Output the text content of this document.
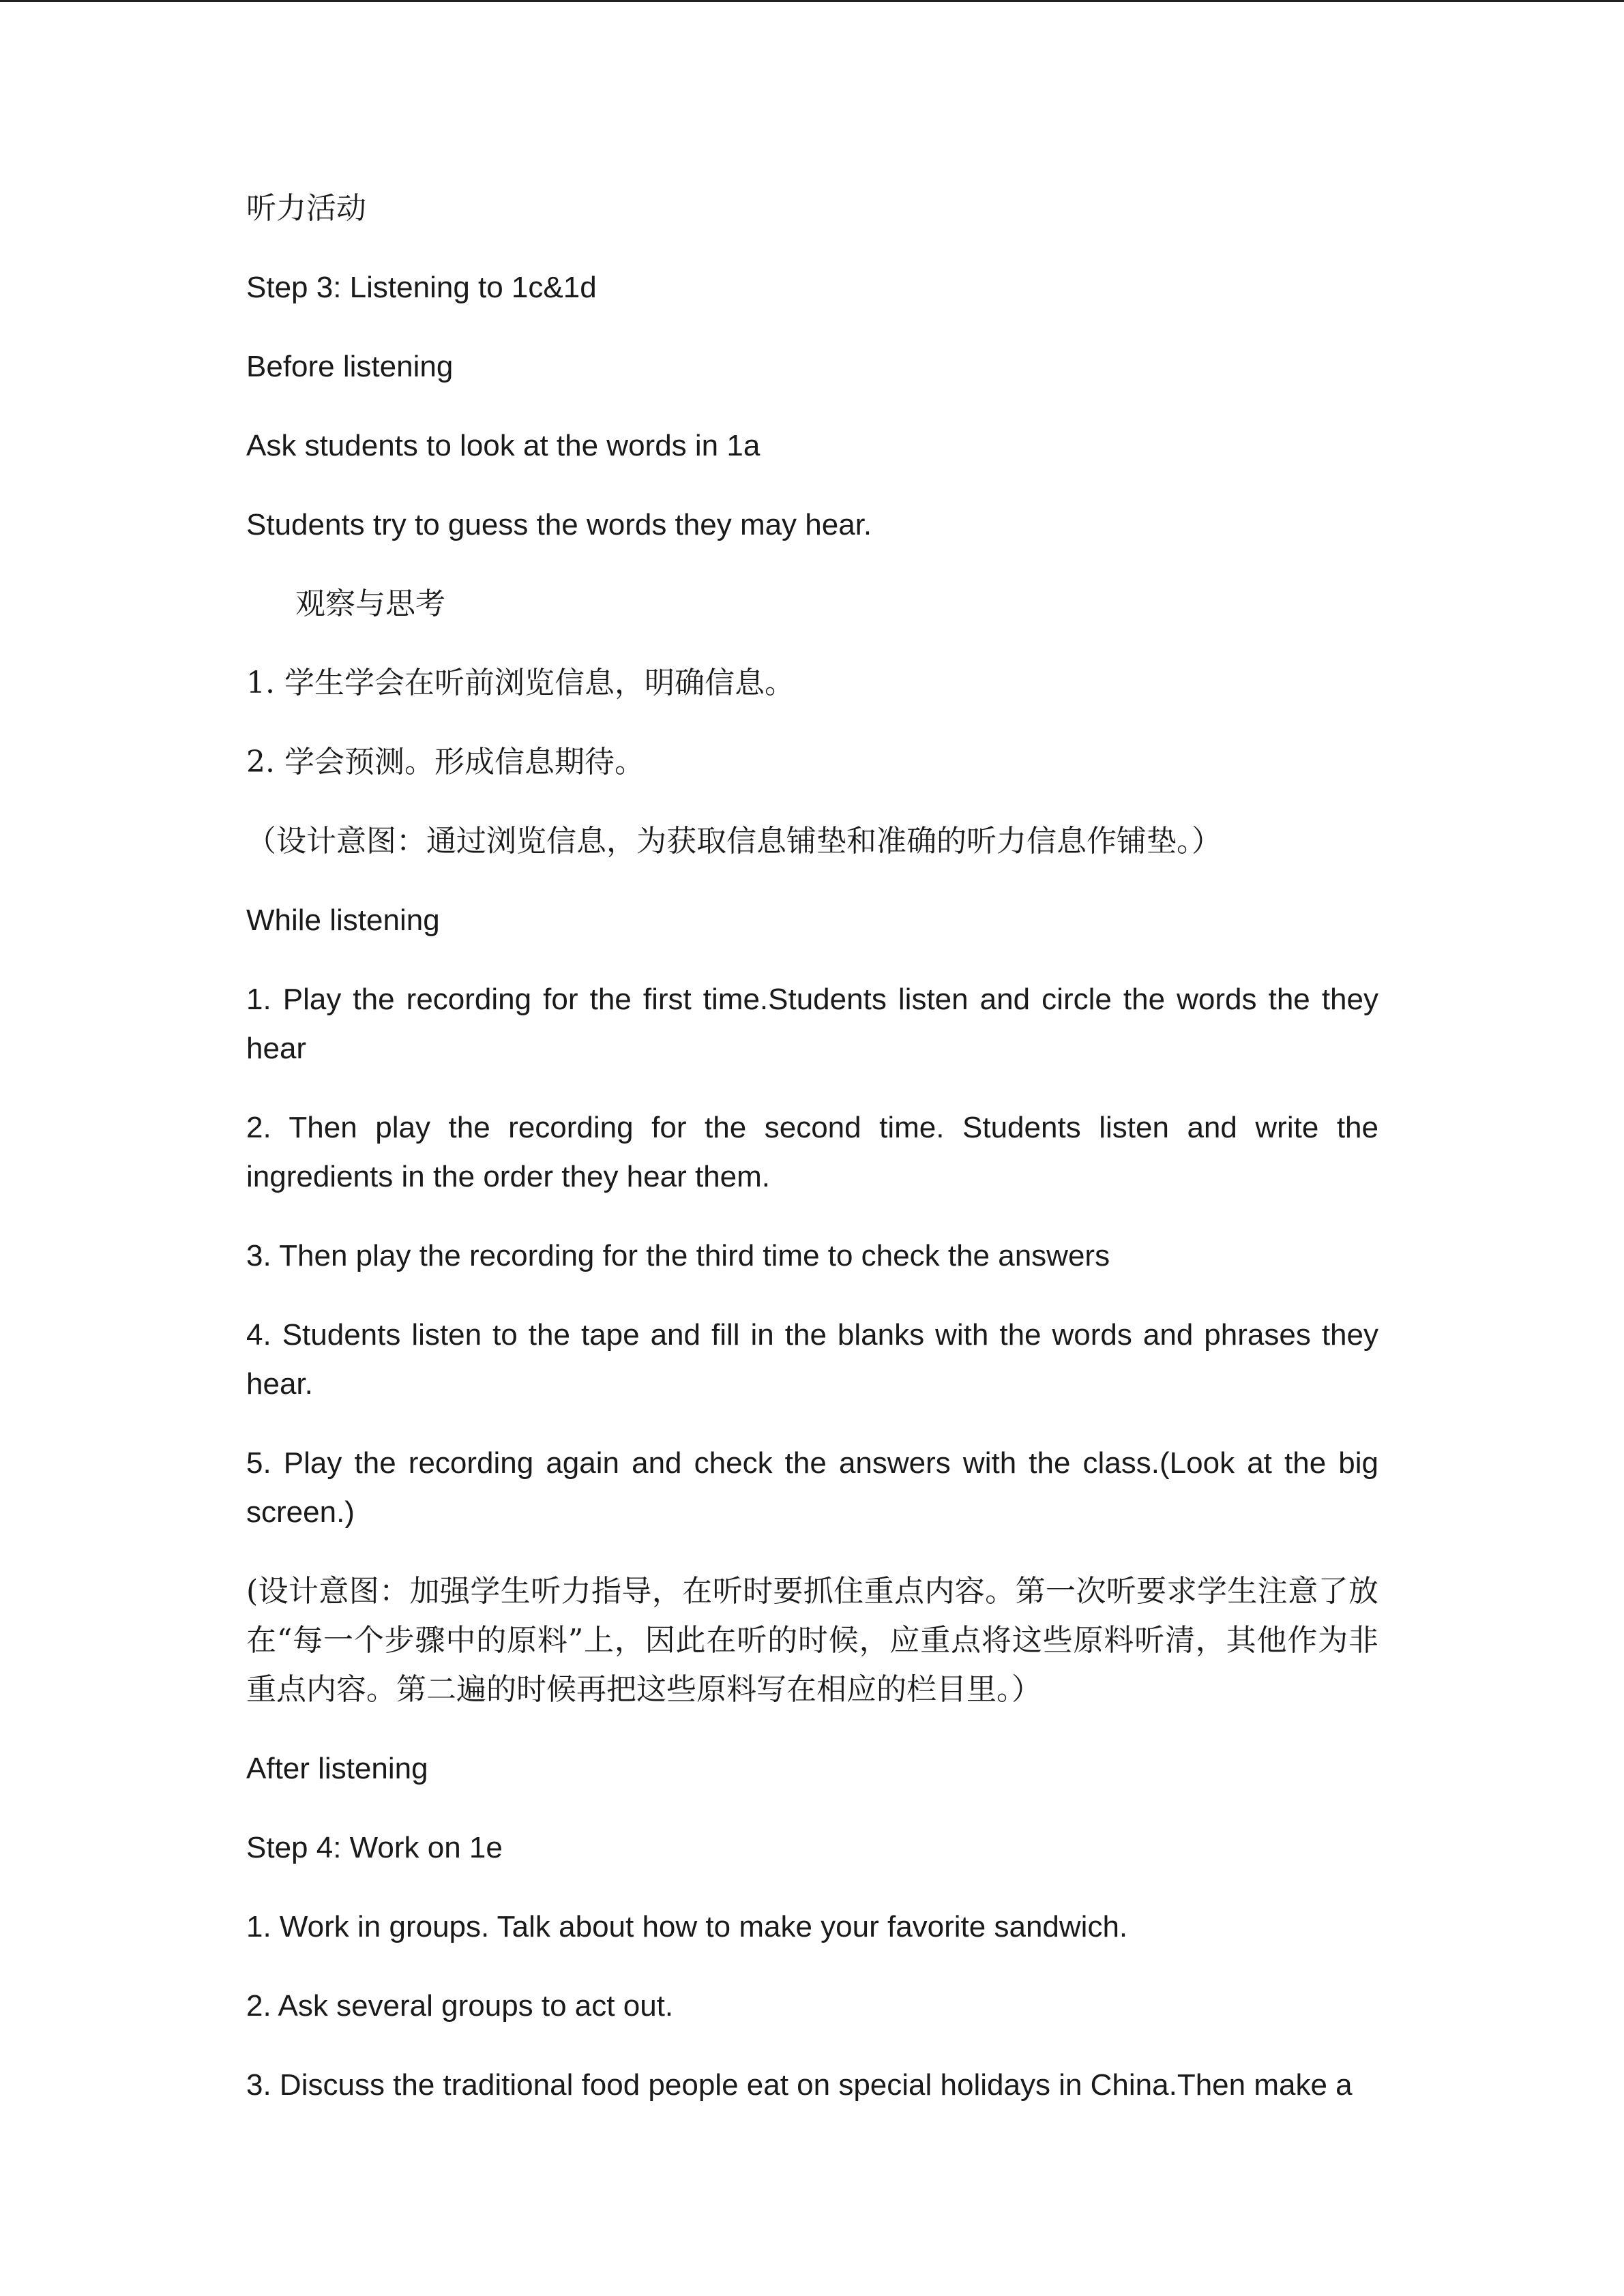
听力活动

Step 3: Listening to 1c&1d

Before listening

Ask students to look at the words in 1a

Students try to guess the words they may hear.

观察与思考

1. 学生学会在听前浏览信息，明确信息。

2. 学会预测。形成信息期待。

（设计意图：通过浏览信息，为获取信息铺垫和准确的听力信息作铺垫。）

While listening

1. Play the recording for the first time.Students listen and circle the words the they hear

2. Then play the recording for the second time. Students listen and write the ingredients in the order they hear them.

3. Then play the recording for the third time to check the answers

4. Students listen to the tape and fill in the blanks with the words and phrases they hear.

5. Play the recording again and check the answers with the class.(Look at the big screen.)

(设计意图：加强学生听力指导，在听时要抓住重点内容。第一次听要求学生注意了放在“每一个步骤中的原料”上，因此在听的时候，应重点将这些原料听清，其他作为非重点内容。第二遍的时候再把这些原料写在相应的栏目里。）

After listening

Step 4: Work on 1e

1. Work in groups. Talk about how to make your favorite sandwich.

2. Ask several groups to act out.

3. Discuss the traditional food people eat on special holidays in China.Then make a
